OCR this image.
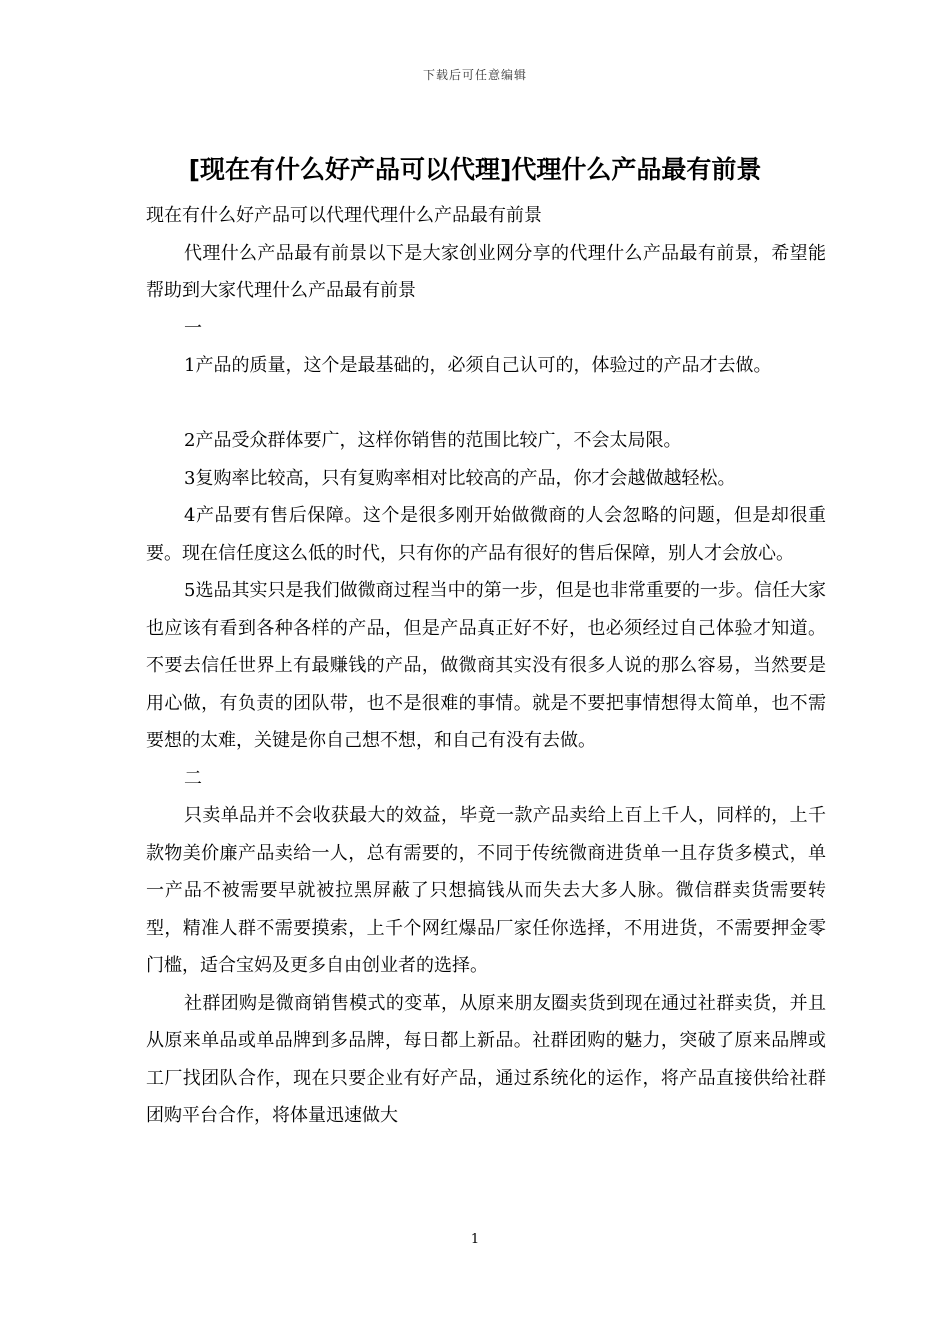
下载后可任意编辑
[现在有什么好产品可以代理]代理什么产品最有前景

现在有什么好产品可以代理代理什么产品最有前景

代理什么产品最有前景以下是大家创业网分享的代理什么产品最有前景，希望能帮助到大家代理什么产品最有前景

一

1产品的质量，这个是最基础的，必须自己认可的，体验过的产品才去做。

2产品受众群体要广，这样你销售的范围比较广，不会太局限。

3复购率比较高，只有复购率相对比较高的产品，你才会越做越轻松。

4产品要有售后保障。这个是很多刚开始做微商的人会忽略的问题，但是却很重要。现在信任度这么低的时代，只有你的产品有很好的售后保障，别人才会放心。

5选品其实只是我们做微商过程当中的第一步，但是也非常重要的一步。信任大家也应该有看到各种各样的产品，但是产品真正好不好，也必须经过自己体验才知道。不要去信任世界上有最赚钱的产品，做微商其实没有很多人说的那么容易，当然要是用心做，有负责的团队带，也不是很难的事情。就是不要把事情想得太简单，也不需要想的太难，关键是你自己想不想，和自己有没有去做。

二

只卖单品并不会收获最大的效益，毕竟一款产品卖给上百上千人，同样的，上千款物美价廉产品卖给一人，总有需要的，不同于传统微商进货单一且存货多模式，单一产品不被需要早就被拉黑屏蔽了只想搞钱从而失去大多人脉。微信群卖货需要转型，精准人群不需要摸索，上千个网红爆品厂家任你选择，不用进货，不需要押金零门槛，适合宝妈及更多自由创业者的选择。

社群团购是微商销售模式的变革，从原来朋友圈卖货到现在通过社群卖货，并且从原来单品或单品牌到多品牌，每日都上新品。社群团购的魅力，突破了原来品牌或工厂找团队合作，现在只要企业有好产品，通过系统化的运作，将产品直接供给社群团购平台合作，将体量迅速做大

1
